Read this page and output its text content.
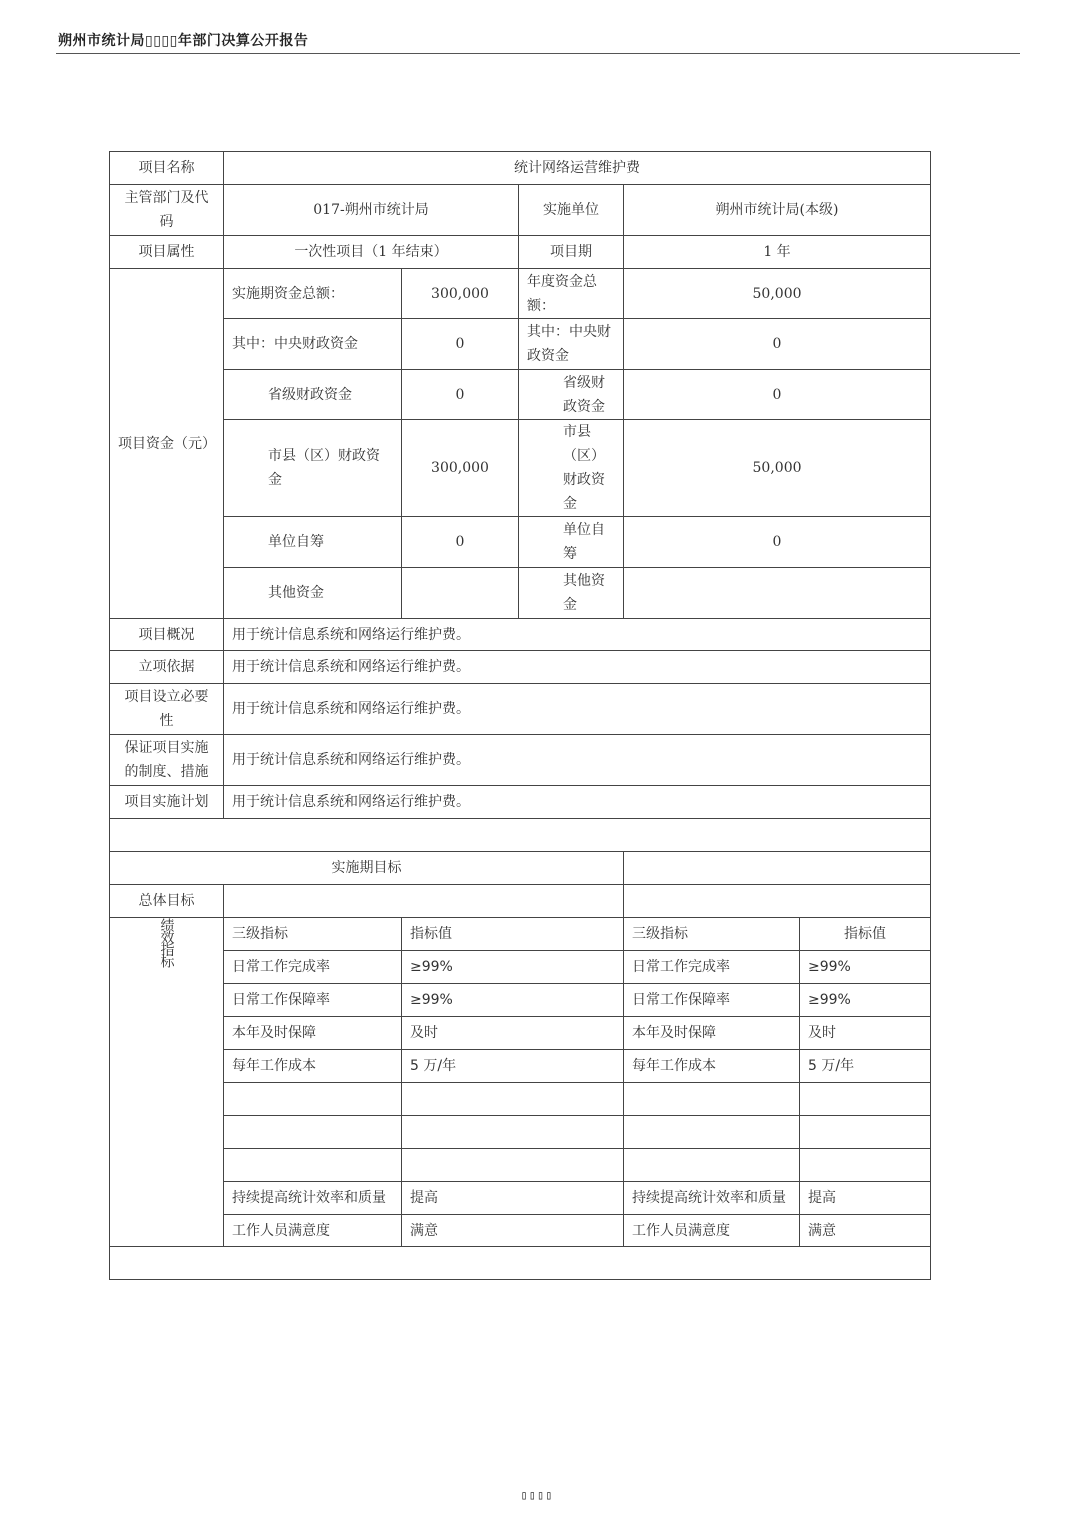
朔州市统计局▯▯▯▯年部门决算公开报告
项目名称	统计网络运营维护费				
主管部门及代码	017-朔州市统计局		实施单位	朔州市统计局(本级)	
项目属性	一次性项目（1 年结束）		项目期	1 年	
项目资金（元）	实施期资金总额：	300,000	年度资金总额：	50,000	
	其中：中央财政资金	0	其中：中央财政资金	0	
	省级财政资金	0	省级财政资金	0	
	市县（区）财政资金	300,000	市县（区）财政资金	50,000	
	单位自筹	0	单位自筹	0	
	其他资金		其他资金		
项目概况	用于统计信息系统和网络运行维护费。				
立项依据	用于统计信息系统和网络运行维护费。				
项目设立必要性	用于统计信息系统和网络运行维护费。				
保证项目实施的制度、措施	用于统计信息系统和网络运行维护费。				
项目实施计划	用于统计信息系统和网络运行维护费。				

实施期目标					
总体目标					
绩效指标	三级指标	指标值		三级指标	指标值
	日常工作完成率	≥99%		日常工作完成率	≥99%
	日常工作保障率	≥99%		日常工作保障率	≥99%
	本年及时保障	及时		本年及时保障	及时
	每年工作成本	5 万/年		每年工作成本	5 万/年

	持续提高统计效率和质量	提高		持续提高统计效率和质量	提高
	工作人员满意度	满意		工作人员满意度	满意

▯▯▯▯
